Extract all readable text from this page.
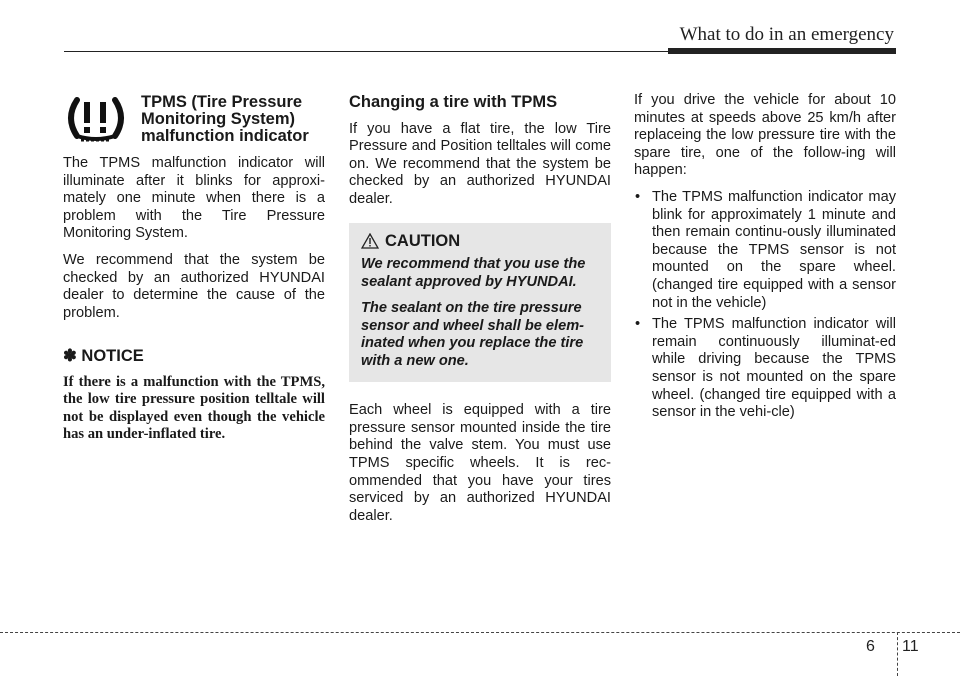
What to do in an emergency
TPMS (Tire Pressure Monitoring System) malfunction indicator

The TPMS malfunction indicator will illuminate after it blinks for approxi-mately one minute when there is a problem with the Tire Pressure Monitoring System.

We recommend that the system be checked by an authorized HYUNDAI dealer to determine the cause of the problem.

✽ NOTICE

If there is a malfunction with the TPMS, the low tire pressure position telltale will not be displayed even though the vehicle has an under-inflated tire.

Changing a tire with TPMS

If you have a flat tire, the low Tire Pressure and Position telltales will come on. We recommend that the system be checked by an authorized HYUNDAI dealer.

CAUTION

We recommend that you use the sealant approved by HYUNDAI.

The sealant on the tire pressure sensor and wheel shall be elem-inated when you replace the tire with a new one.

Each wheel is equipped with a tire pressure sensor mounted inside the tire behind the valve stem. You must use TPMS specific wheels. It is rec-ommended that you have your tires serviced by an authorized HYUNDAI dealer.

If you drive the vehicle for about 10 minutes at speeds above 25 km/h after replaceing the low pressure tire with the spare tire, one of the follow-ing will happen:

• The TPMS malfunction indicator may blink for approximately 1 minute and then remain continu-ously illuminated because the TPMS sensor is not mounted on the spare wheel. (changed tire equipped with a sensor not in the vehicle)
• The TPMS malfunction indicator will remain continuously illuminat-ed while driving because the TPMS sensor is not mounted on the spare wheel. (changed tire equipped with a sensor in the vehi-cle)
6 11
